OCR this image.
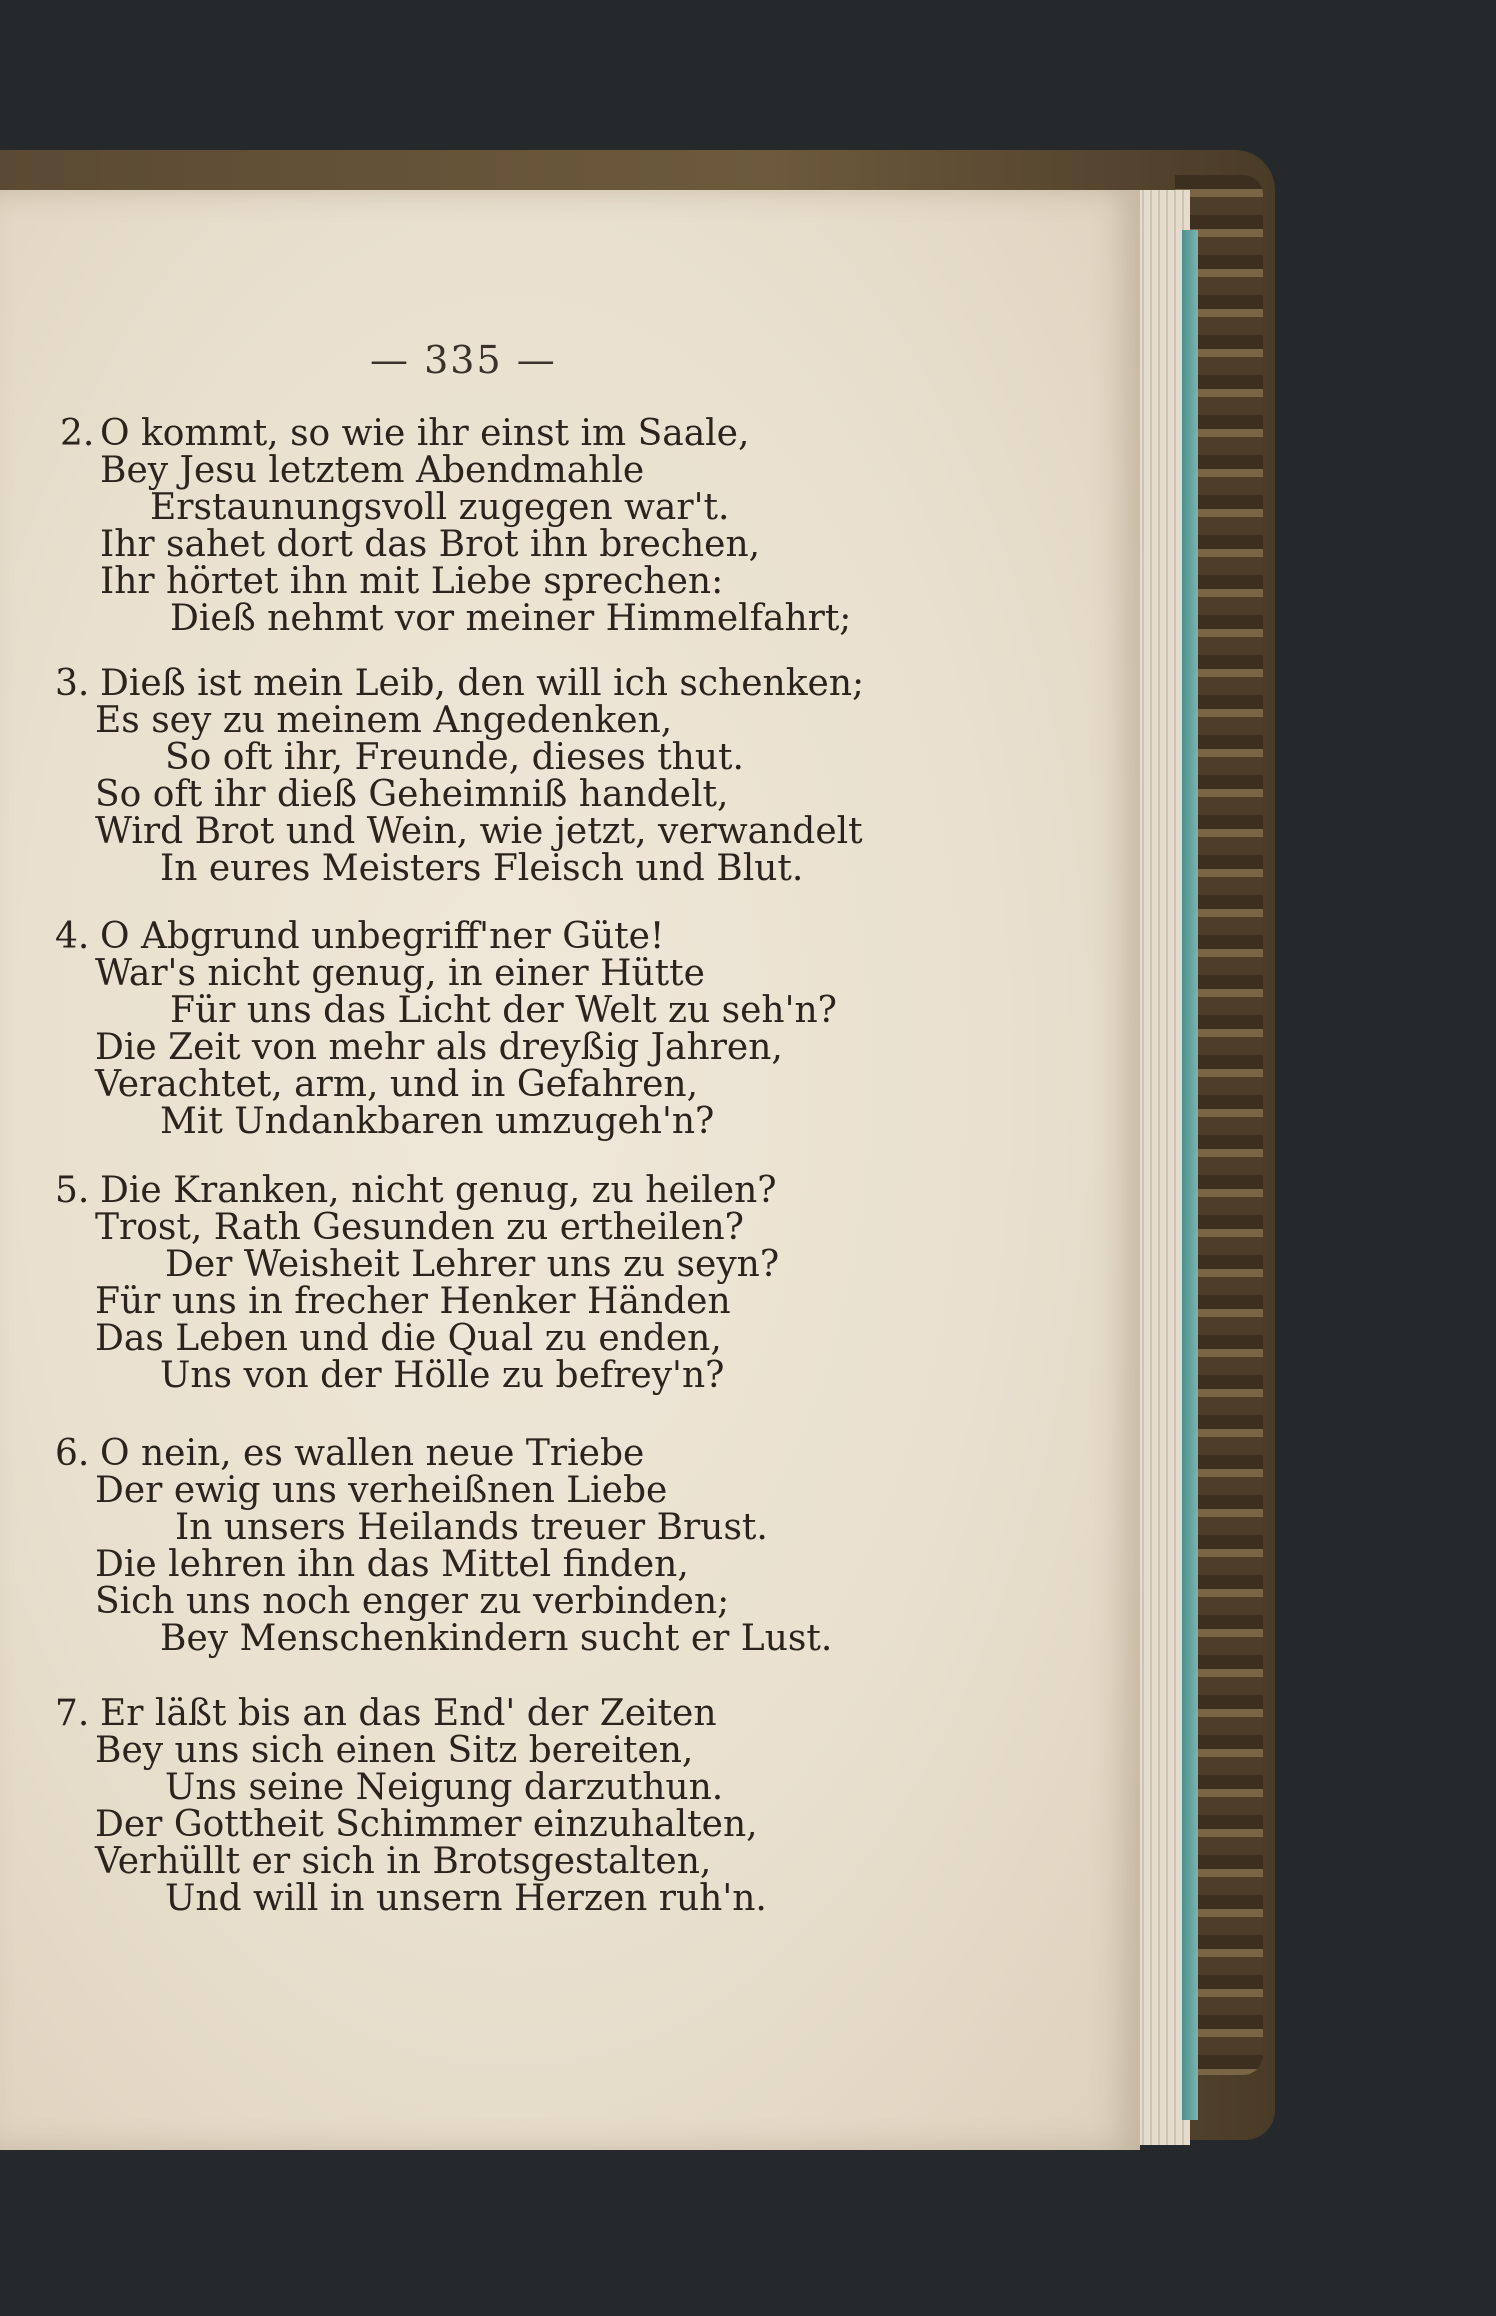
— 335 —
2. O kommt, so wie ihr einst im Saale,
Bey Jesu letztem Abendmahle
Erstaunungsvoll zugegen war't.
Ihr sahet dort das Brot ihn brechen,
Ihr hörtet ihn mit Liebe sprechen:
Dieß nehmt vor meiner Himmelfahrt;
3. Dieß ist mein Leib, den will ich schenken;
Es sey zu meinem Angedenken,
So oft ihr, Freunde, dieses thut.
So oft ihr dieß Geheimniß handelt,
Wird Brot und Wein, wie jetzt, verwandelt
In eures Meisters Fleisch und Blut.
4. O Abgrund unbegriff'ner Güte!
War's nicht genug, in einer Hütte
Für uns das Licht der Welt zu seh'n?
Die Zeit von mehr als dreyßig Jahren,
Verachtet, arm, und in Gefahren,
Mit Undankbaren umzugeh'n?
5. Die Kranken, nicht genug, zu heilen?
Trost, Rath Gesunden zu ertheilen?
Der Weisheit Lehrer uns zu seyn?
Für uns in frecher Henker Händen
Das Leben und die Qual zu enden,
Uns von der Hölle zu befrey'n?
6. O nein, es wallen neue Triebe
Der ewig uns verheißnen Liebe
In unsers Heilands treuer Brust.
Die lehren ihn das Mittel finden,
Sich uns noch enger zu verbinden;
Bey Menschenkindern sucht er Lust.
7. Er läßt bis an das End' der Zeiten
Bey uns sich einen Sitz bereiten,
Uns seine Neigung darzuthun.
Der Gottheit Schimmer einzuhalten,
Verhüllt er sich in Brotsgestalten,
Und will in unsern Herzen ruh'n.
